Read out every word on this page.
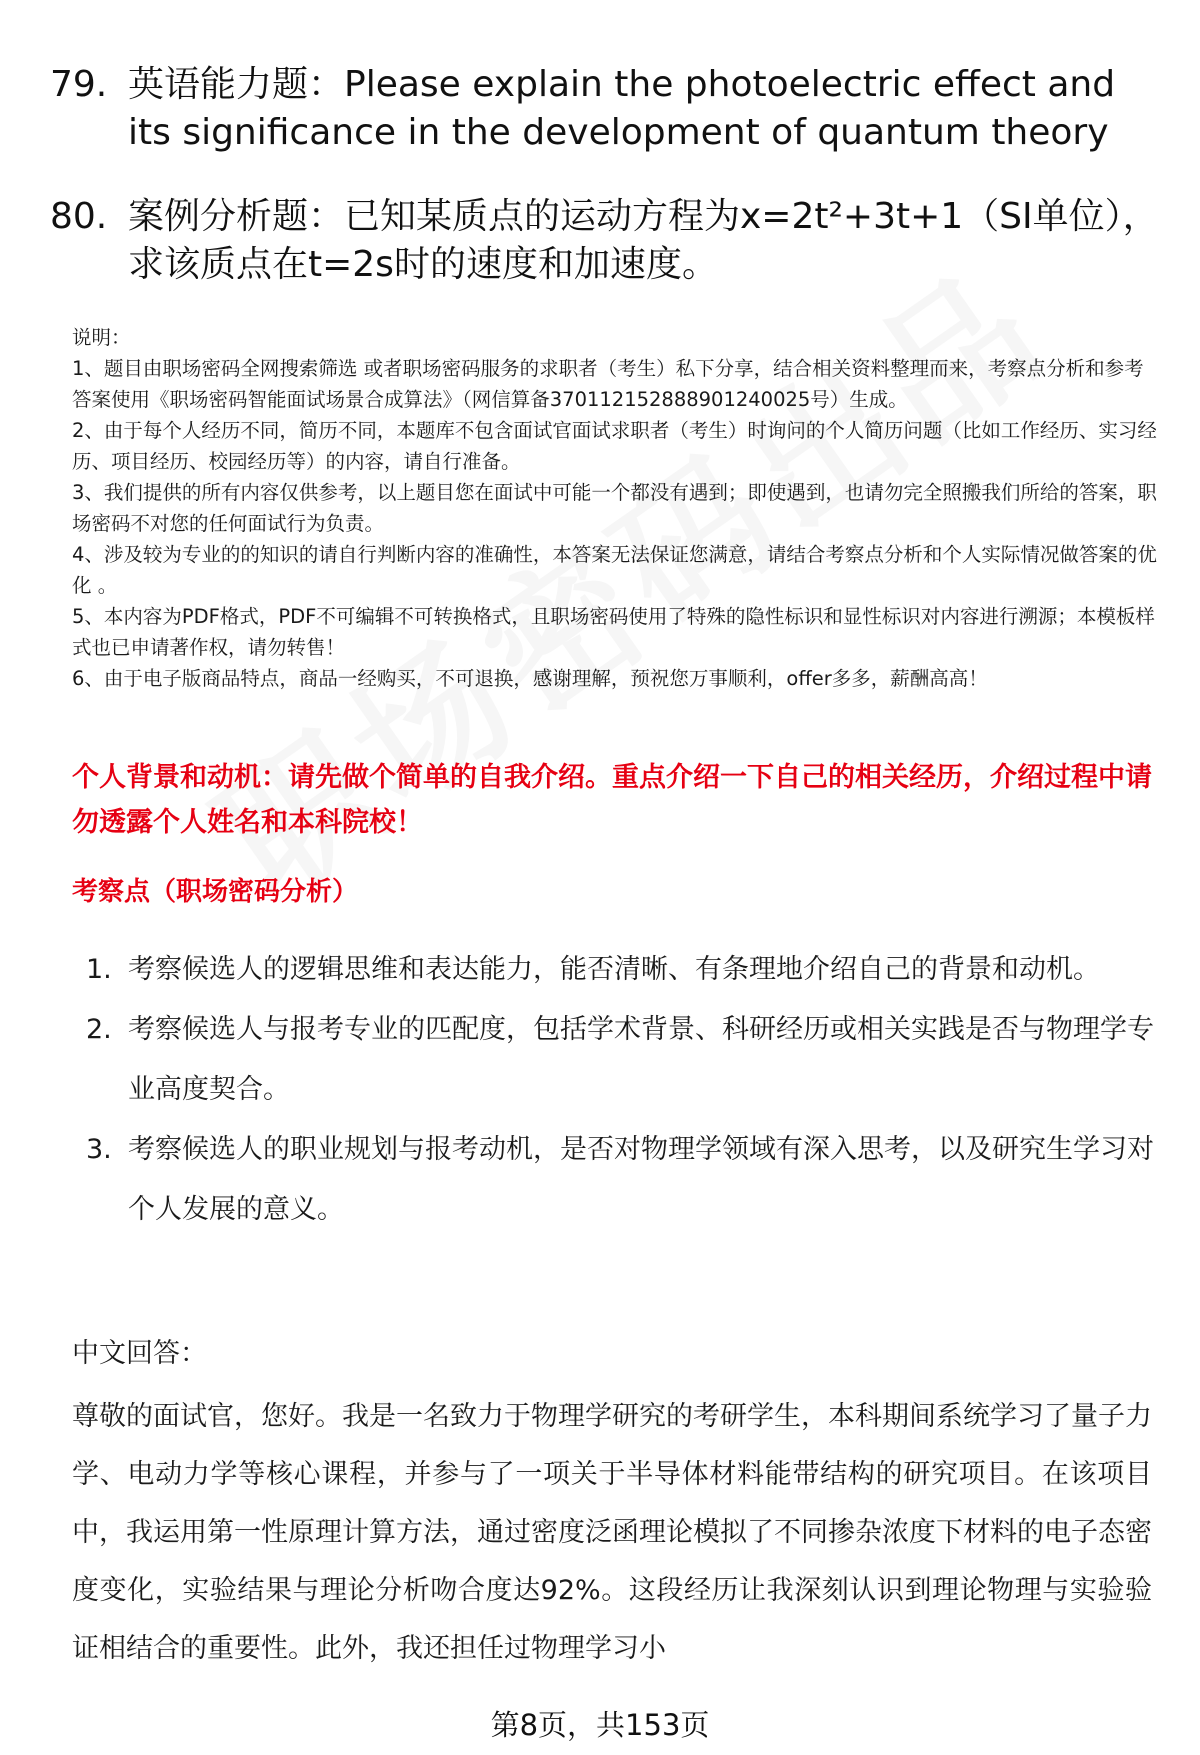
79. 英语能力题：Please explain the photoelectric effect and its significance in the development of quantum theory
80. 案例分析题：已知某质点的运动方程为x=2t²+3t+1（SI单位），求该质点在t=2s时的速度和加速度。
说明：
1、题目由职场密码全网搜索筛选 或者职场密码服务的求职者（考生）私下分享，结合相关资料整理而来，考察点分析和参考答案使用《职场密码智能面试场景合成算法》（网信算备370112152888901240025号）生成。
2、由于每个人经历不同，简历不同，本题库不包含面试官面试求职者（考生）时询问的个人简历问题（比如工作经历、实习经历、项目经历、校园经历等）的内容，请自行准备。
3、我们提供的所有内容仅供参考，以上题目您在面试中可能一个都没有遇到；即使遇到，也请勿完全照搬我们所给的答案，职场密码不对您的任何面试行为负责。
4、涉及较为专业的的知识的请自行判断内容的准确性，本答案无法保证您满意，请结合考察点分析和个人实际情况做答案的优化 。
5、本内容为PDF格式，PDF不可编辑不可转换格式，且职场密码使用了特殊的隐性标识和显性标识对内容进行溯源；本模板样式也已申请著作权，请勿转售！
6、由于电子版商品特点，商品一经购买，不可退换，感谢理解，预祝您万事顺利，offer多多，薪酬高高！
个人背景和动机：请先做个简单的自我介绍。重点介绍一下自己的相关经历，介绍过程中请勿透露个人姓名和本科院校！
考察点（职场密码分析）
1. 考察候选人的逻辑思维和表达能力，能否清晰、有条理地介绍自己的背景和动机。
2. 考察候选人与报考专业的匹配度，包括学术背景、科研经历或相关实践是否与物理学专业高度契合。
3. 考察候选人的职业规划与报考动机，是否对物理学领域有深入思考，以及研究生学习对个人发展的意义。
中文回答：
尊敬的面试官，您好。我是一名致力于物理学研究的考研学生，本科期间系统学习了量子力学、电动力学等核心课程，并参与了一项关于半导体材料能带结构的研究项目。在该项目中，我运用第一性原理计算方法，通过密度泛函理论模拟了不同掺杂浓度下材料的电子态密度变化，实验结果与理论分析吻合度达92%。这段经历让我深刻认识到理论物理与实验验证相结合的重要性。此外，我还担任过物理学习小
第8页，共153页
